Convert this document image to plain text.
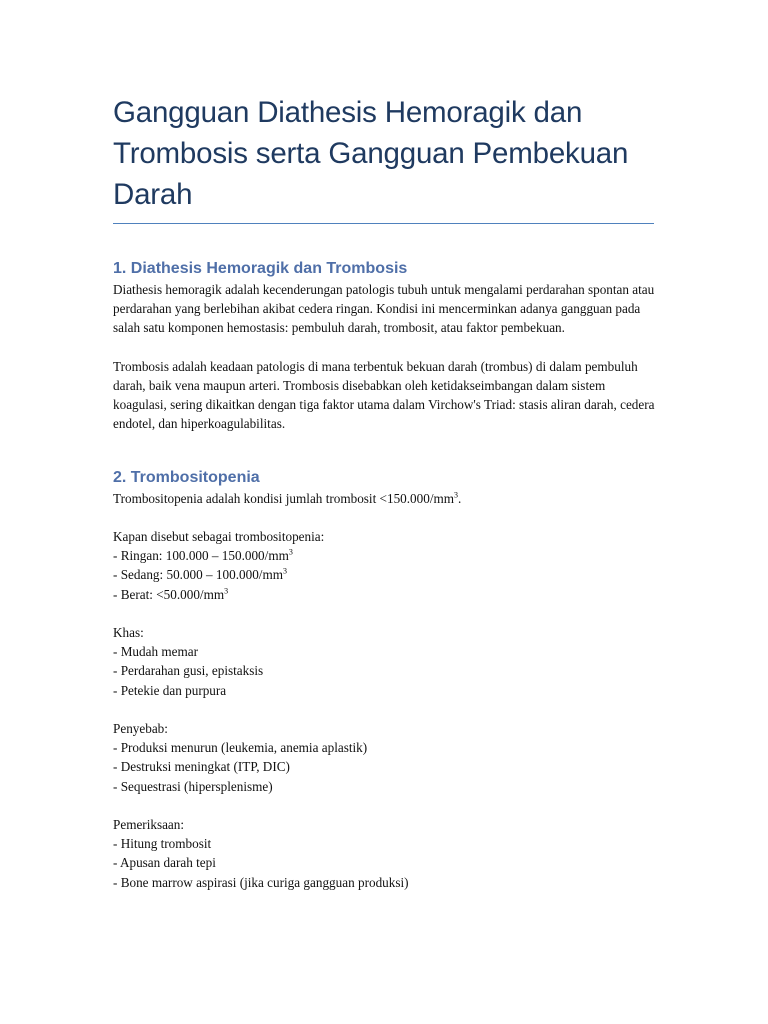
Gangguan Diathesis Hemoragik dan Trombosis serta Gangguan Pembekuan Darah
1. Diathesis Hemoragik dan Trombosis

Diathesis hemoragik adalah kecenderungan patologis tubuh untuk mengalami perdarahan spontan atau perdarahan yang berlebihan akibat cedera ringan. Kondisi ini mencerminkan adanya gangguan pada salah satu komponen hemostasis: pembuluh darah, trombosit, atau faktor pembekuan.

Trombosis adalah keadaan patologis di mana terbentuk bekuan darah (trombus) di dalam pembuluh darah, baik vena maupun arteri. Trombosis disebabkan oleh ketidakseimbangan dalam sistem koagulasi, sering dikaitkan dengan tiga faktor utama dalam Virchow's Triad: stasis aliran darah, cedera endotel, dan hiperkoagulabilitas.

2. Trombositopenia
Trombositopenia adalah kondisi jumlah trombosit $<150.000/mm^3$.
Kapan disebut sebagai trombositopenia:
- Ringan: $100.000 - 150.000/mm^3$
- Sedang: $50.000 - 100.000/mm^3$
- Berat: $<50.000/mm^3$
Khas:
- Mudah memar
- Perdarahan gusi, epistaksis
- Petekie dan purpura
Penyebab:
- Produksi menurun (leukemia, anemia aplastik)
- Destruksi meningkat (ITP, DIC)
- Sequestrasi (hipersplenisme)
Pemeriksaan:
- Hitung trombosit
- Apusan darah tepi
- Bone marrow aspirasi (jika curiga gangguan produksi)
